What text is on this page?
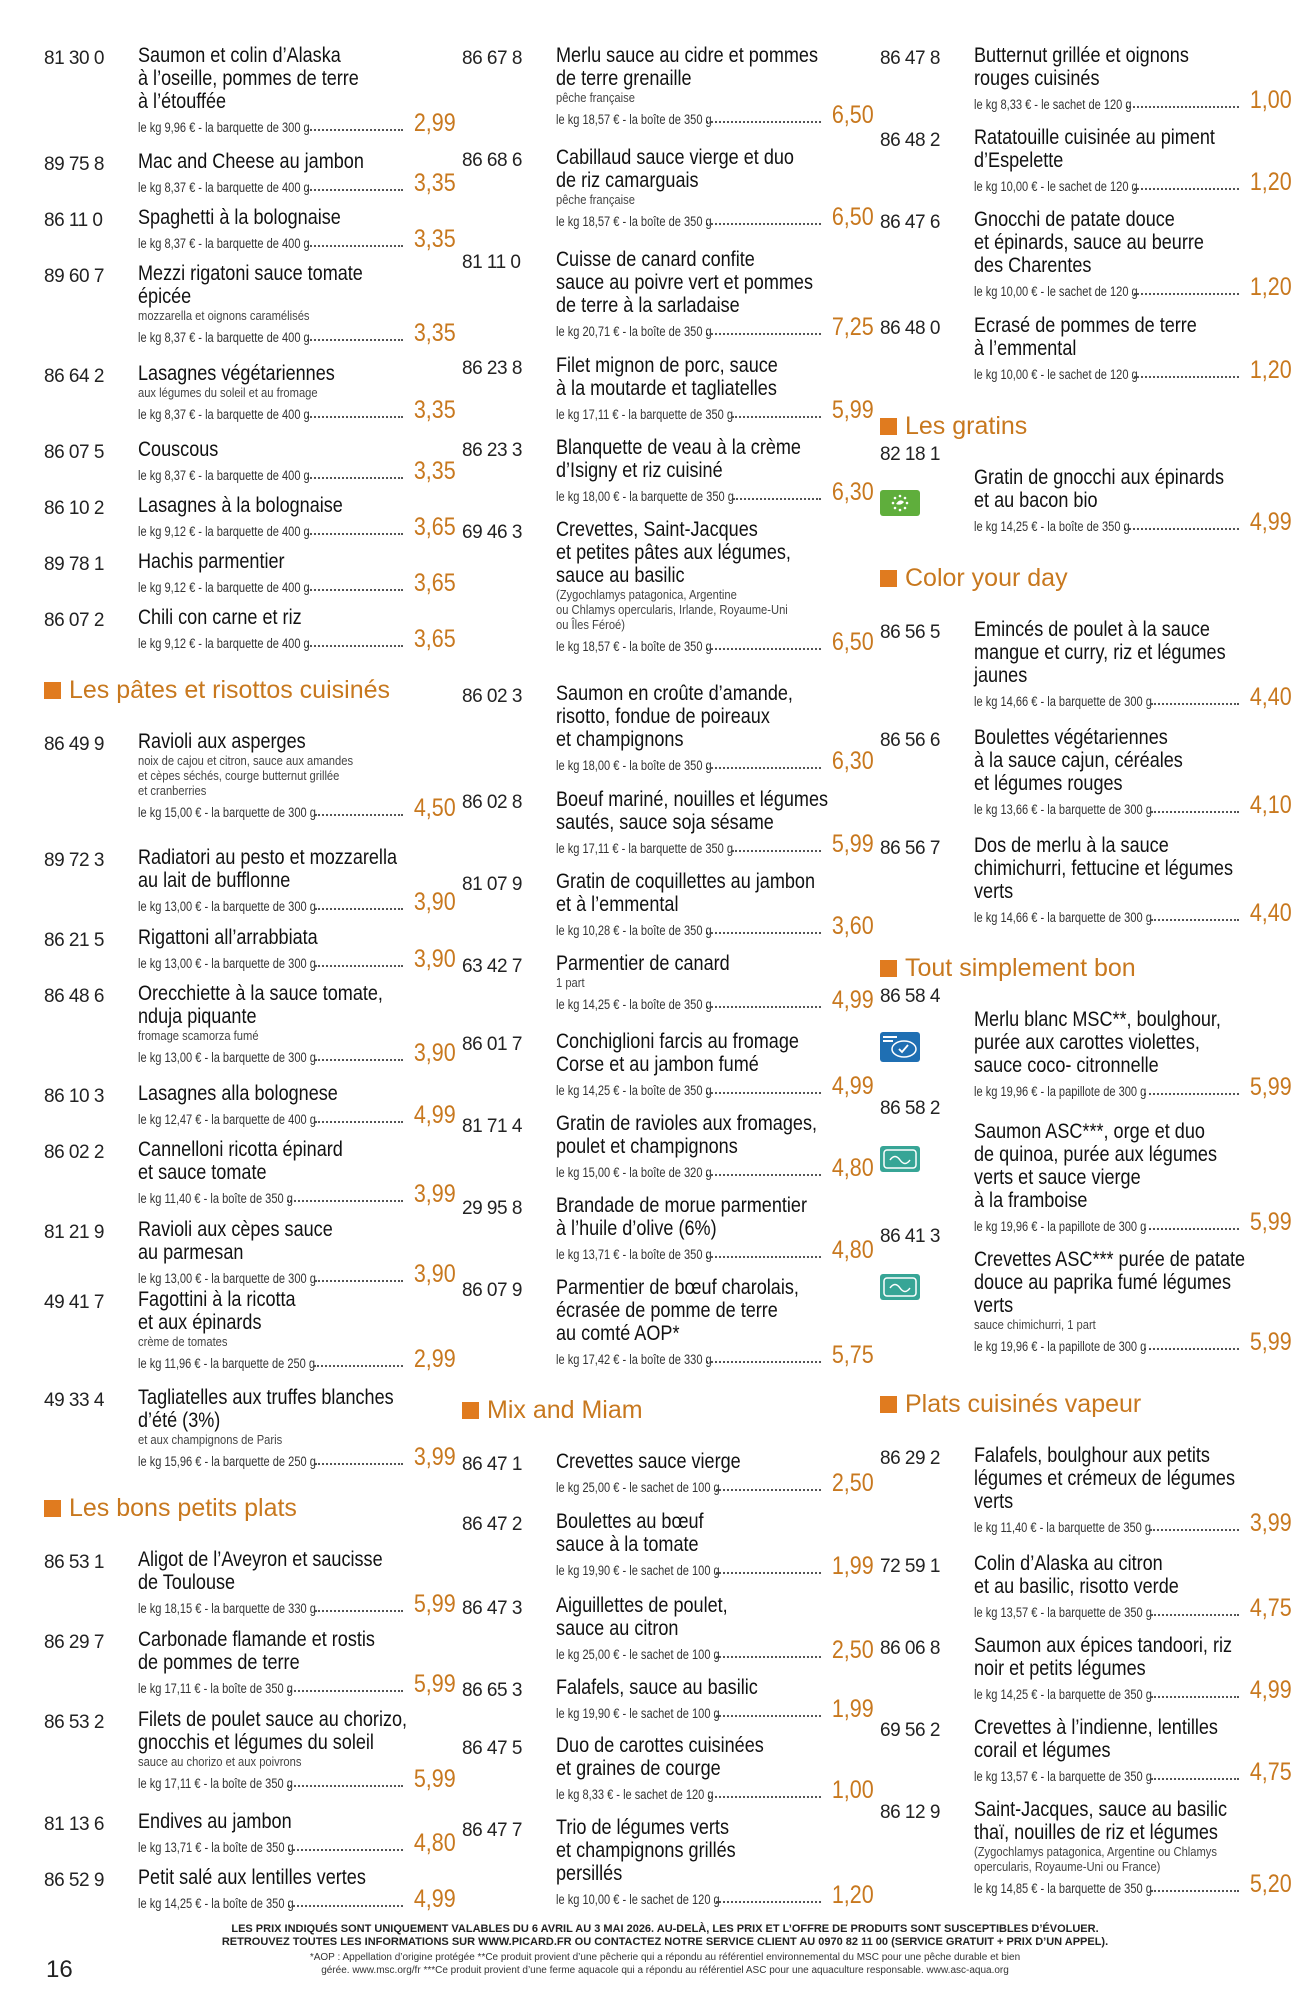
81 30 0 Saumon et colin d’Alaska
à l’oseille, pommes de terre
à l’étouffée
le kg 9,96 € - la barquette de 300 g	2,99
89 75 8 Mac and Cheese au jambon
le kg 8,37 € - la barquette de 400 g	3,35
86 11 0 Spaghetti à la bolognaise
le kg 8,37 € - la barquette de 400 g	3,35
89 60 7 Mezzi rigatoni sauce tomate
épicée
mozzarella et oignons caramélisés
le kg 8,37 € - la barquette de 400 g	3,35
86 64 2 Lasagnes végétariennes
aux légumes du soleil et au fromage
le kg 8,37 € - la barquette de 400 g	3,35
86 07 5 Couscous
le kg 8,37 € - la barquette de 400 g	3,35
86 10 2 Lasagnes à la bolognaise
le kg 9,12 € - la barquette de 400 g	3,65
89 78 1 Hachis parmentier
le kg 9,12 € - la barquette de 400 g	3,65
86 07 2 Chili con carne et riz
le kg 9,12 € - la barquette de 400 g	3,65
Les pâtes et risottos cuisinés
86 49 9 Ravioli aux asperges
noix de cajou et citron, sauce aux amandes
et cèpes séchés, courge butternut grillée
et cranberries
le kg 15,00 € - la barquette de 300 g	4,50
89 72 3 Radiatori au pesto et mozzarella
au lait de bufflonne
le kg 13,00 € - la barquette de 300 g	3,90
86 21 5 Rigattoni all’arrabbiata
le kg 13,00 € - la barquette de 300 g	3,90
86 48 6 Orecchiette à la sauce tomate,
nduja piquante
fromage scamorza fumé
le kg 13,00 € - la barquette de 300 g	3,90
86 10 3 Lasagnes alla bolognese
le kg 12,47 € - la barquette de 400 g	4,99
86 02 2 Cannelloni ricotta épinard
et sauce tomate
le kg 11,40 € - la boîte de 350 g	3,99
81 21 9 Ravioli aux cèpes sauce
au parmesan
le kg 13,00 € - la barquette de 300 g	3,90
49 41 7 Fagottini à la ricotta
et aux épinards
crème de tomates
le kg 11,96 € - la barquette de 250 g	2,99
49 33 4 Tagliatelles aux truffes blanches
d’été (3%)
et aux champignons de Paris
le kg 15,96 € - la barquette de 250 g	3,99
Les bons petits plats
86 53 1 Aligot de l’Aveyron et saucisse
de Toulouse
le kg 18,15 € - la barquette de 330 g	5,99
86 29 7 Carbonade flamande et rostis
de pommes de terre
le kg 17,11 € - la boîte de 350 g	5,99
86 53 2 Filets de poulet sauce au chorizo,
gnocchis et légumes du soleil
sauce au chorizo et aux poivrons
le kg 17,11 € - la boîte de 350 g	5,99
81 13 6 Endives au jambon
le kg 13,71 € - la boîte de 350 g	4,80
86 52 9 Petit salé aux lentilles vertes
le kg 14,25 € - la boîte de 350 g	4,99
86 67 8 Merlu sauce au cidre et pommes
de terre grenaille
pêche française
le kg 18,57 € - la boîte de 350 g	6,50
86 68 6 Cabillaud sauce vierge et duo
de riz camarguais
pêche française
le kg 18,57 € - la boîte de 350 g	6,50
81 11 0 Cuisse de canard confite
sauce au poivre vert et pommes
de terre à la sarladaise
le kg 20,71 € - la boîte de 350 g	7,25
86 23 8 Filet mignon de porc, sauce
à la moutarde et tagliatelles
le kg 17,11 € - la barquette de 350 g	5,99
86 23 3 Blanquette de veau à la crème
d’Isigny et riz cuisiné
le kg 18,00 € - la barquette de 350 g	6,30
69 46 3 Crevettes, Saint-Jacques
et petites pâtes aux légumes,
sauce au basilic
(Zygochlamys patagonica, Argentine
ou Chlamys opercularis, Irlande, Royaume-Uni
ou Îles Féroé)
le kg 18,57 € - la boîte de 350 g	6,50
86 02 3 Saumon en croûte d’amande,
risotto, fondue de poireaux
et champignons
le kg 18,00 € - la boîte de 350 g	6,30
86 02 8 Boeuf mariné, nouilles et légumes
sautés, sauce soja sésame
le kg 17,11 € - la barquette de 350 g	5,99
81 07 9 Gratin de coquillettes au jambon
et à l’emmental
le kg 10,28 € - la boîte de 350 g	3,60
63 42 7 Parmentier de canard
1 part
le kg 14,25 € - la boîte de 350 g	4,99
86 01 7 Conchiglioni farcis au fromage
Corse et au jambon fumé
le kg 14,25 € - la boîte de 350 g	4,99
81 71 4 Gratin de ravioles aux fromages,
poulet et champignons
le kg 15,00 € - la boîte de 320 g	4,80
29 95 8 Brandade de morue parmentier
à l’huile d’olive (6%)
le kg 13,71 € - la boîte de 350 g	4,80
86 07 9 Parmentier de bœuf charolais,
écrasée de pomme de terre
au comté AOP*
le kg 17,42 € - la boîte de 330 g	5,75
Mix and Miam
86 47 1 Crevettes sauce vierge
le kg 25,00 € - le sachet de 100 g	2,50
86 47 2 Boulettes au bœuf
sauce à la tomate
le kg 19,90 € - le sachet de 100 g	1,99
86 47 3 Aiguillettes de poulet,
sauce au citron
le kg 25,00 € - le sachet de 100 g	2,50
86 65 3 Falafels, sauce au basilic
le kg 19,90 € - le sachet de 100 g	1,99
86 47 5 Duo de carottes cuisinées
et graines de courge
le kg 8,33 € - le sachet de 120 g	1,00
86 47 7 Trio de légumes verts
et champignons grillés
persillés
le kg 10,00 € - le sachet de 120 g	1,20
86 47 8 Butternut grillée et oignons
rouges cuisinés
le kg 8,33 € - le sachet de 120 g	1,00
86 48 2 Ratatouille cuisinée au piment
d’Espelette
le kg 10,00 € - le sachet de 120 g	1,20
86 47 6 Gnocchi de patate douce
et épinards, sauce au beurre
des Charentes
le kg 10,00 € - le sachet de 120 g	1,20
86 48 0 Ecrasé de pommes de terre
à l’emmental
le kg 10,00 € - le sachet de 120 g	1,20
Les gratins
82 18 1
Gratin de gnocchi aux épinards
et au bacon bio
le kg 14,25 € - la boîte de 350 g	4,99
Color your day
86 56 5 Emincés de poulet à la sauce
mangue et curry, riz et légumes
jaunes
le kg 14,66 € - la barquette de 300 g	4,40
86 56 6 Boulettes végétariennes
à la sauce cajun, céréales
et légumes rouges
le kg 13,66 € - la barquette de 300 g	4,10
86 56 7 Dos de merlu à la sauce
chimichurri, fettucine et légumes
verts
le kg 14,66 € - la barquette de 300 g	4,40
Tout simplement bon
86 58 4
Merlu blanc MSC**, boulghour,
purée aux carottes violettes,
sauce coco- citronnelle
le kg 19,96 € - la papillote de 300 g	5,99
86 58 2
Saumon ASC***, orge et duo
de quinoa, purée aux légumes
verts et sauce vierge
à la framboise
le kg 19,96 € - la papillote de 300 g	5,99
86 41 3
Crevettes ASC*** purée de patate
douce au paprika fumé légumes
verts
sauce chimichurri, 1 part
le kg 19,96 € - la papillote de 300 g	5,99
Plats cuisinés vapeur
86 29 2 Falafels, boulghour aux petits
légumes et crémeux de légumes
verts
le kg 11,40 € - la barquette de 350 g	3,99
72 59 1 Colin d’Alaska au citron
et au basilic, risotto verde
le kg 13,57 € - la barquette de 350 g	4,75
86 06 8 Saumon aux épices tandoori, riz
noir et petits légumes
le kg 14,25 € - la barquette de 350 g	4,99
69 56 2 Crevettes à l’indienne, lentilles
corail et légumes
le kg 13,57 € - la barquette de 350 g	4,75
86 12 9 Saint-Jacques, sauce au basilic
thaï, nouilles de riz et légumes
(Zygochlamys patagonica, Argentine ou Chlamys
opercularis, Royaume-Uni ou France)
le kg 14,85 € - la barquette de 350 g	5,20
LES PRIX INDIQUÉS SONT UNIQUEMENT VALABLES DU 6 AVRIL AU 3 MAI 2026. AU-DELÀ, LES PRIX ET L’OFFRE DE PRODUITS SONT SUSCEPTIBLES D’ÉVOLUER.
RETROUVEZ TOUTES LES INFORMATIONS SUR WWW.PICARD.FR OU CONTACTEZ NOTRE SERVICE CLIENT AU 0970 82 11 00 (SERVICE GRATUIT + PRIX D’UN APPEL).
*AOP : Appellation d’origine protégée **Ce produit provient d’une pêcherie qui a répondu au référentiel environnemental du MSC pour une pêche durable et bien
gérée. www.msc.org/fr ***Ce produit provient d’une ferme aquacole qui a répondu au référentiel ASC pour une aquaculture responsable. www.asc-aqua.org
16
